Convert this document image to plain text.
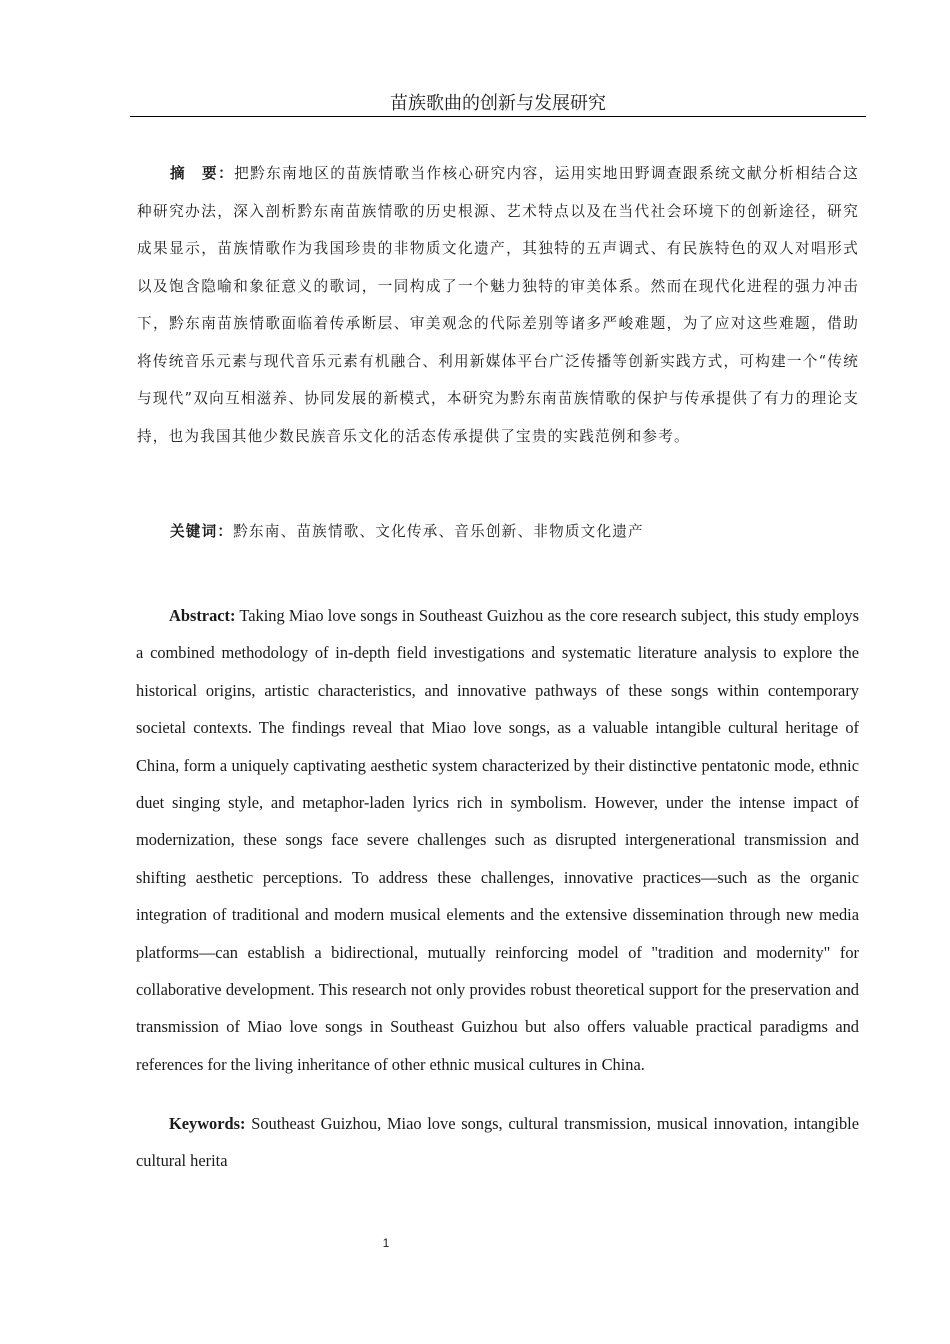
苗族歌曲的创新与发展研究

摘　要：把黔东南地区的苗族情歌当作核心研究内容，运用实地田野调查跟系统文献分析相结合这种研究办法，深入剖析黔东南苗族情歌的历史根源、艺术特点以及在当代社会环境下的创新途径，研究成果显示，苗族情歌作为我国珍贵的非物质文化遗产，其独特的五声调式、有民族特色的双人对唱形式以及饱含隐喻和象征意义的歌词，一同构成了一个魅力独特的审美体系。然而在现代化进程的强力冲击下，黔东南苗族情歌面临着传承断层、审美观念的代际差别等诸多严峻难题，为了应对这些难题，借助将传统音乐元素与现代音乐元素有机融合、利用新媒体平台广泛传播等创新实践方式，可构建一个“传统与现代”双向互相滋养、协同发展的新模式，本研究为黔东南苗族情歌的保护与传承提供了有力的理论支持，也为我国其他少数民族音乐文化的活态传承提供了宝贵的实践范例和参考。

关键词：黔东南、苗族情歌、文化传承、音乐创新、非物质文化遗产

Abstract: Taking Miao love songs in Southeast Guizhou as the core research subject, this study employs a combined methodology of in-depth field investigations and systematic literature analysis to explore the historical origins, artistic characteristics, and innovative pathways of these songs within contemporary societal contexts. The findings reveal that Miao love songs, as a valuable intangible cultural heritage of China, form a uniquely captivating aesthetic system characterized by their distinctive pentatonic mode, ethnic duet singing style, and metaphor-laden lyrics rich in symbolism. However, under the intense impact of modernization, these songs face severe challenges such as disrupted intergenerational transmission and shifting aesthetic perceptions. To address these challenges, innovative practices—such as the organic integration of traditional and modern musical elements and the extensive dissemination through new media platforms—can establish a bidirectional, mutually reinforcing model of "tradition and modernity" for collaborative development. This research not only provides robust theoretical support for the preservation and transmission of Miao love songs in Southeast Guizhou but also offers valuable practical paradigms and references for the living inheritance of other ethnic musical cultures in China.

Keywords: Southeast Guizhou, Miao love songs, cultural transmission, musical innovation, intangible cultural herita

1
